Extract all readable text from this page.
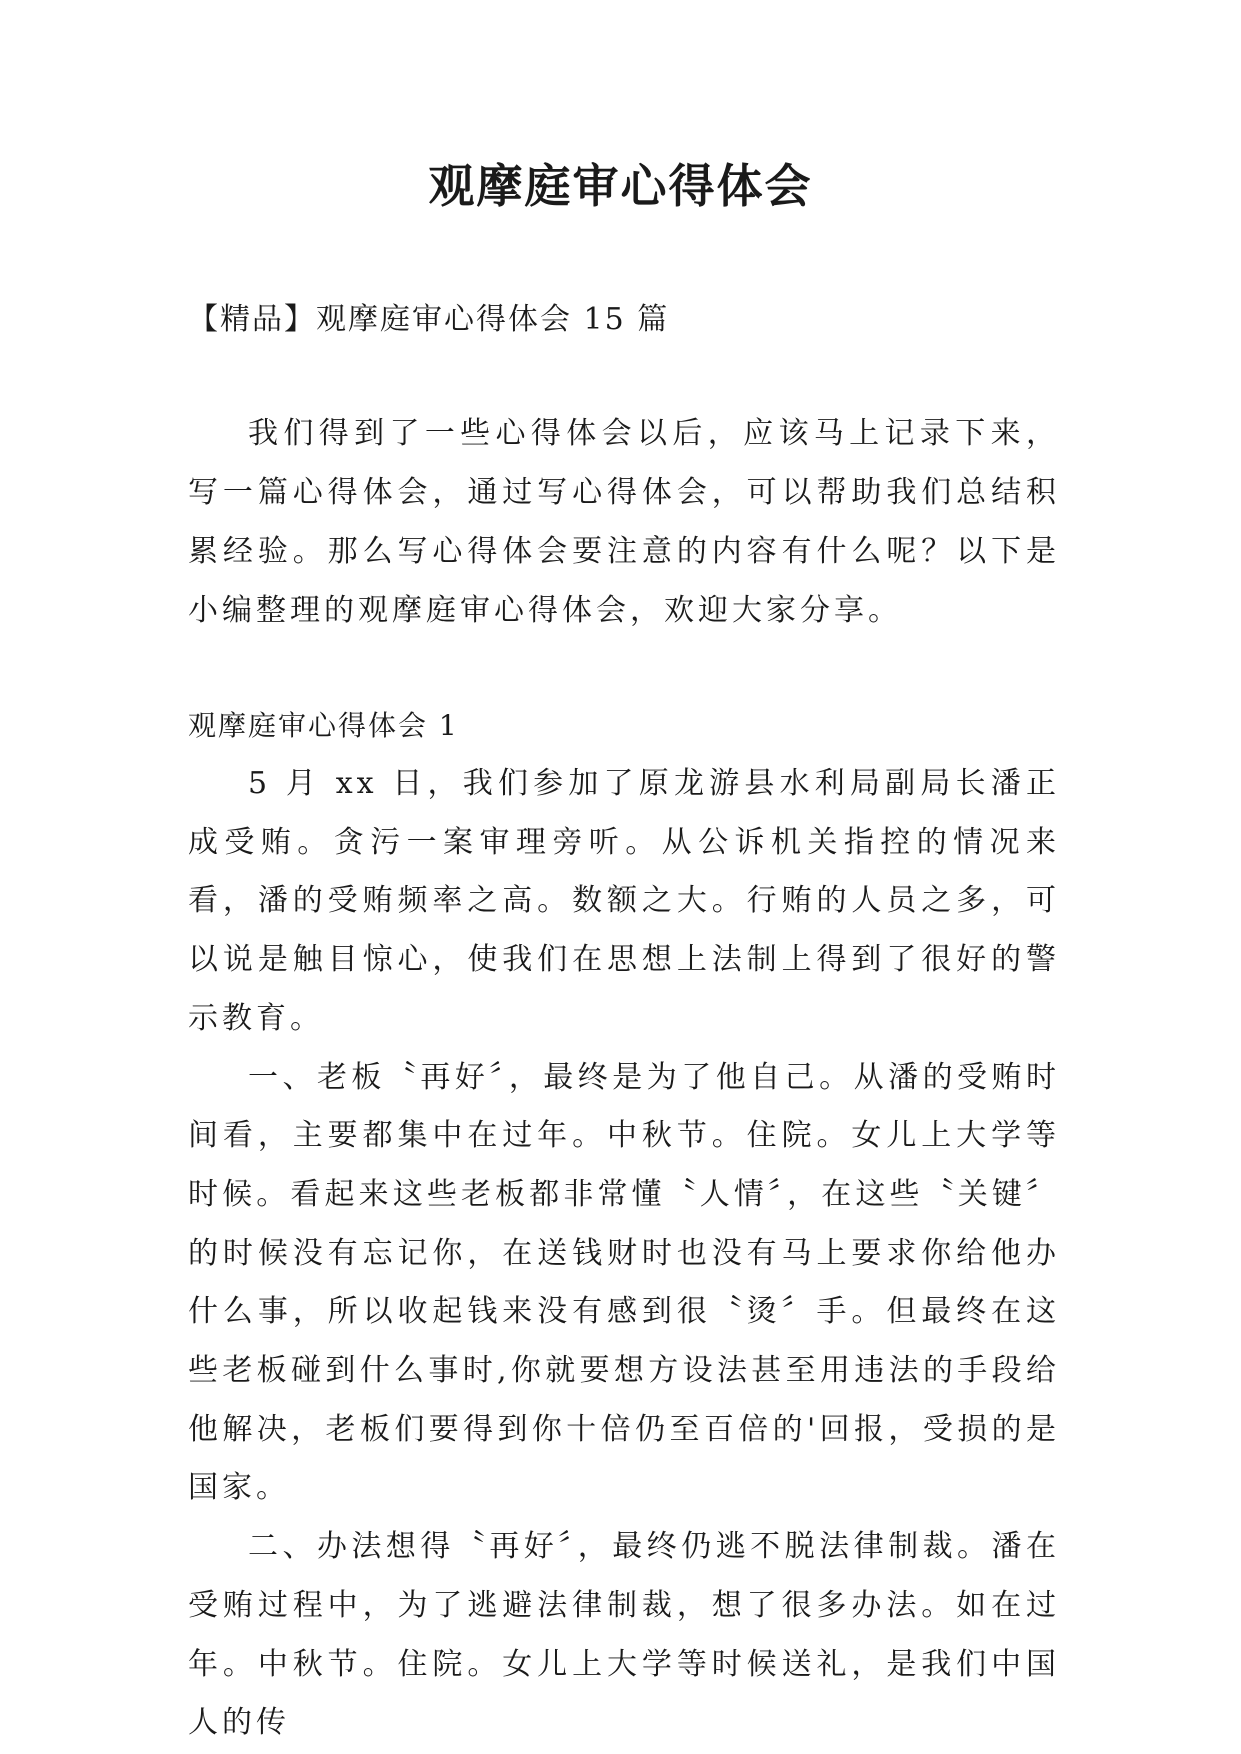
观摩庭审心得体会
【精品】观摩庭审心得体会 15 篇

我们得到了一些心得体会以后，应该马上记录下来，写一篇心得体会，通过写心得体会，可以帮助我们总结积累经验。那么写心得体会要注意的内容有什么呢？以下是小编整理的观摩庭审心得体会，欢迎大家分享。

观摩庭审心得体会 1

5 月 xx 日，我们参加了原龙游县水利局副局长潘正成受贿。贪污一案审理旁听。从公诉机关指控的情况来看，潘的受贿频率之高。数额之大。行贿的人员之多，可以说是触目惊心，使我们在思想上法制上得到了很好的警示教育。

一、老板〝再好〞，最终是为了他自己。从潘的受贿时间看，主要都集中在过年。中秋节。住院。女儿上大学等时候。看起来这些老板都非常懂〝人情〞，在这些〝关键〞的时候没有忘记你，在送钱财时也没有马上要求你给他办什么事，所以收起钱来没有感到很〝烫〞手。但最终在这些老板碰到什么事时,你就要想方设法甚至用违法的手段给他解决，老板们要得到你十倍仍至百倍的'回报，受损的是国家。

二、办法想得〝再好〞，最终仍逃不脱法律制裁。潘在受贿过程中，为了逃避法律制裁，想了很多办法。如在过年。中秋节。住院。女儿上大学等时候送礼，是我们中国人的传
